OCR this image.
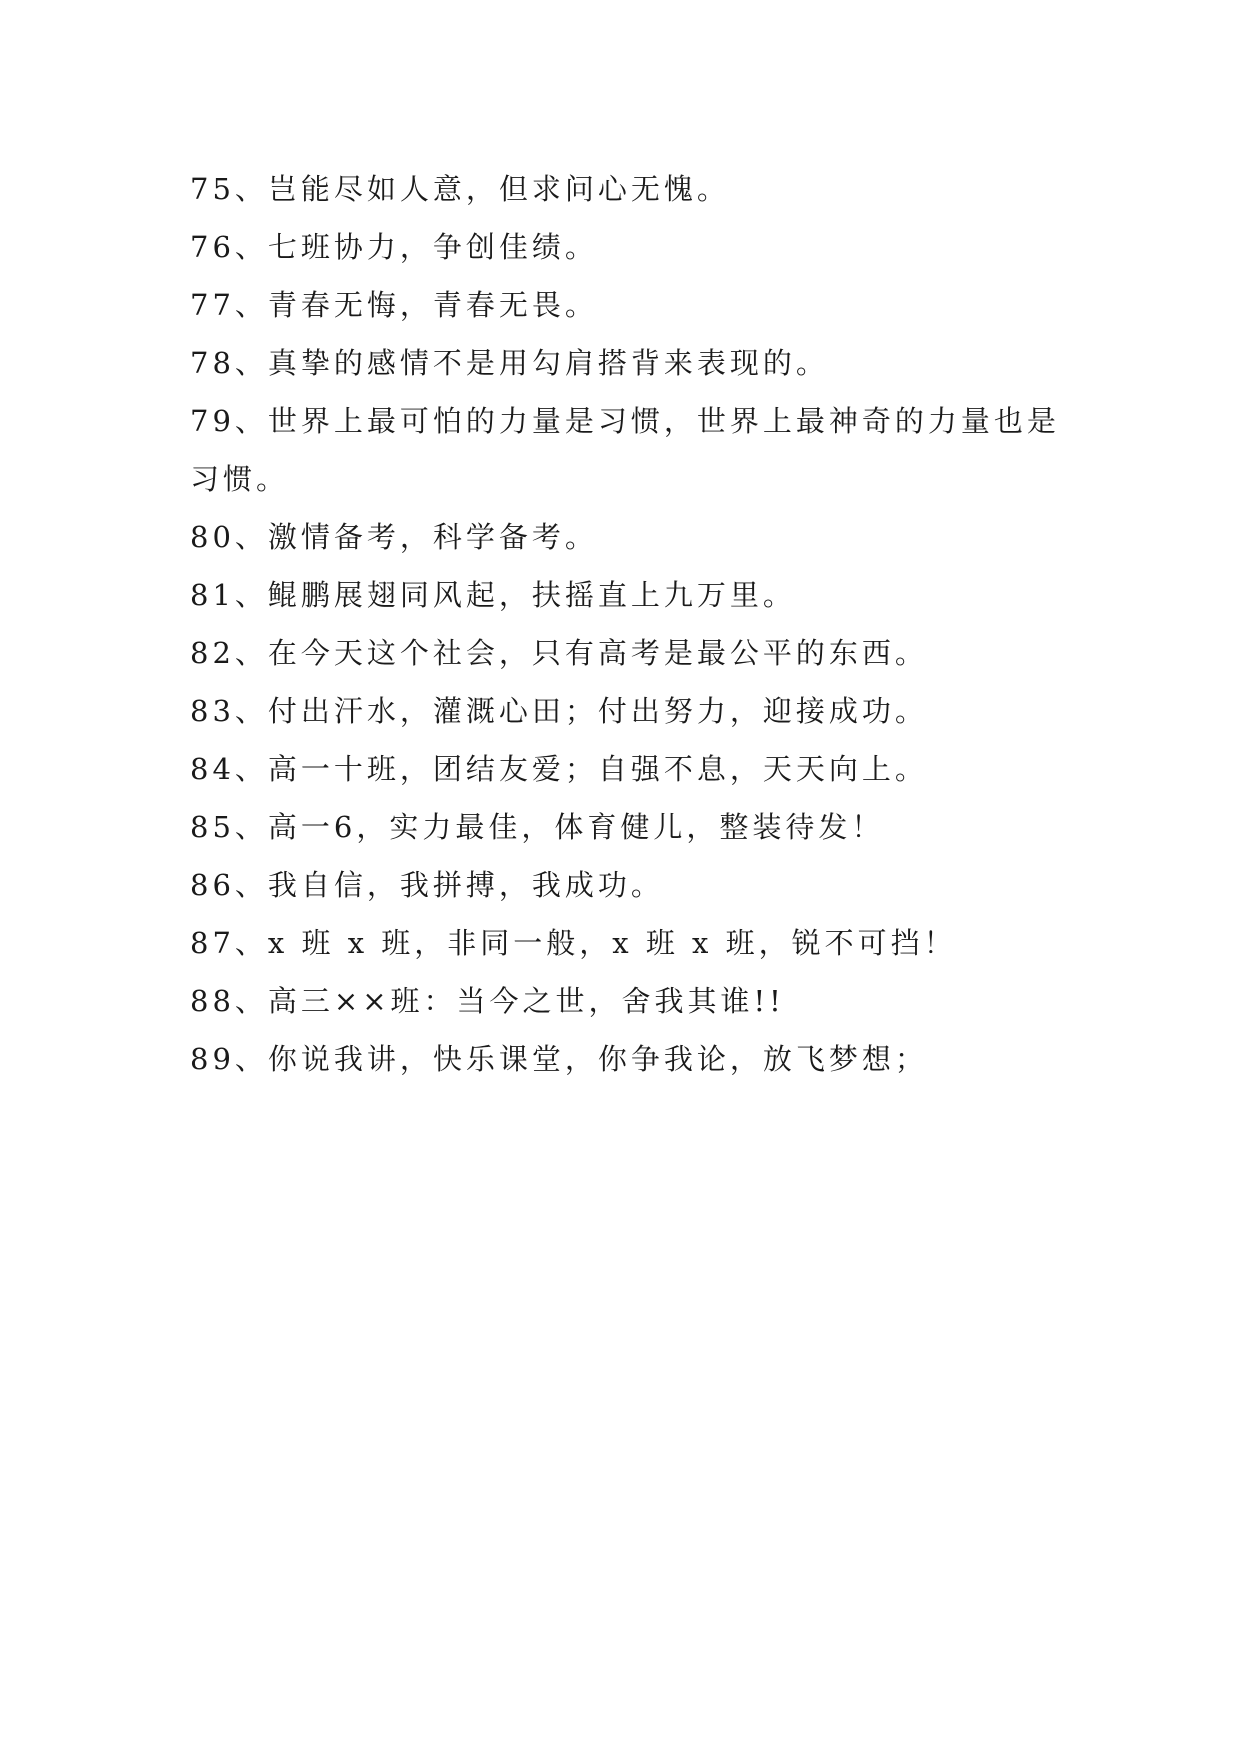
75、岂能尽如人意，但求问心无愧。
76、七班协力，争创佳绩。
77、青春无悔，青春无畏。
78、真挚的感情不是用勾肩搭背来表现的。
79、世界上最可怕的力量是习惯，世界上最神奇的力量也是
习惯。
80、激情备考，科学备考。
81、鲲鹏展翅同风起，扶摇直上九万里。
82、在今天这个社会，只有高考是最公平的东西。
83、付出汗水，灌溉心田；付出努力，迎接成功。
84、高一十班，团结友爱；自强不息，天天向上。
85、高一6，实力最佳，体育健儿，整装待发！
86、我自信，我拼搏，我成功。
87、x 班 x 班，非同一般，x 班 x 班，锐不可挡！
88、高三××班：当今之世，舍我其谁!!
89、你说我讲，快乐课堂，你争我论，放飞梦想；
